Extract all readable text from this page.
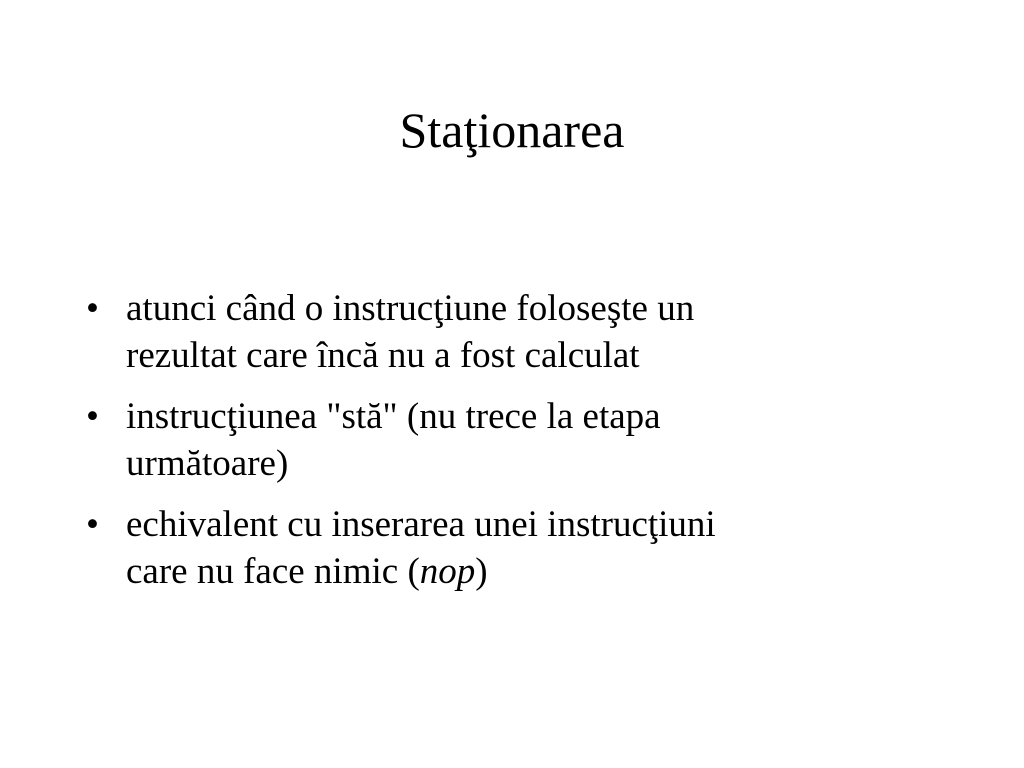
Staţionarea
• atunci când o instrucţiune foloseşte un
rezultat care încă nu a fost calculat
• instrucţiunea "stă" (nu trece la etapa
următoare)
• echivalent cu inserarea unei instrucţiuni
care nu face nimic (nop)
